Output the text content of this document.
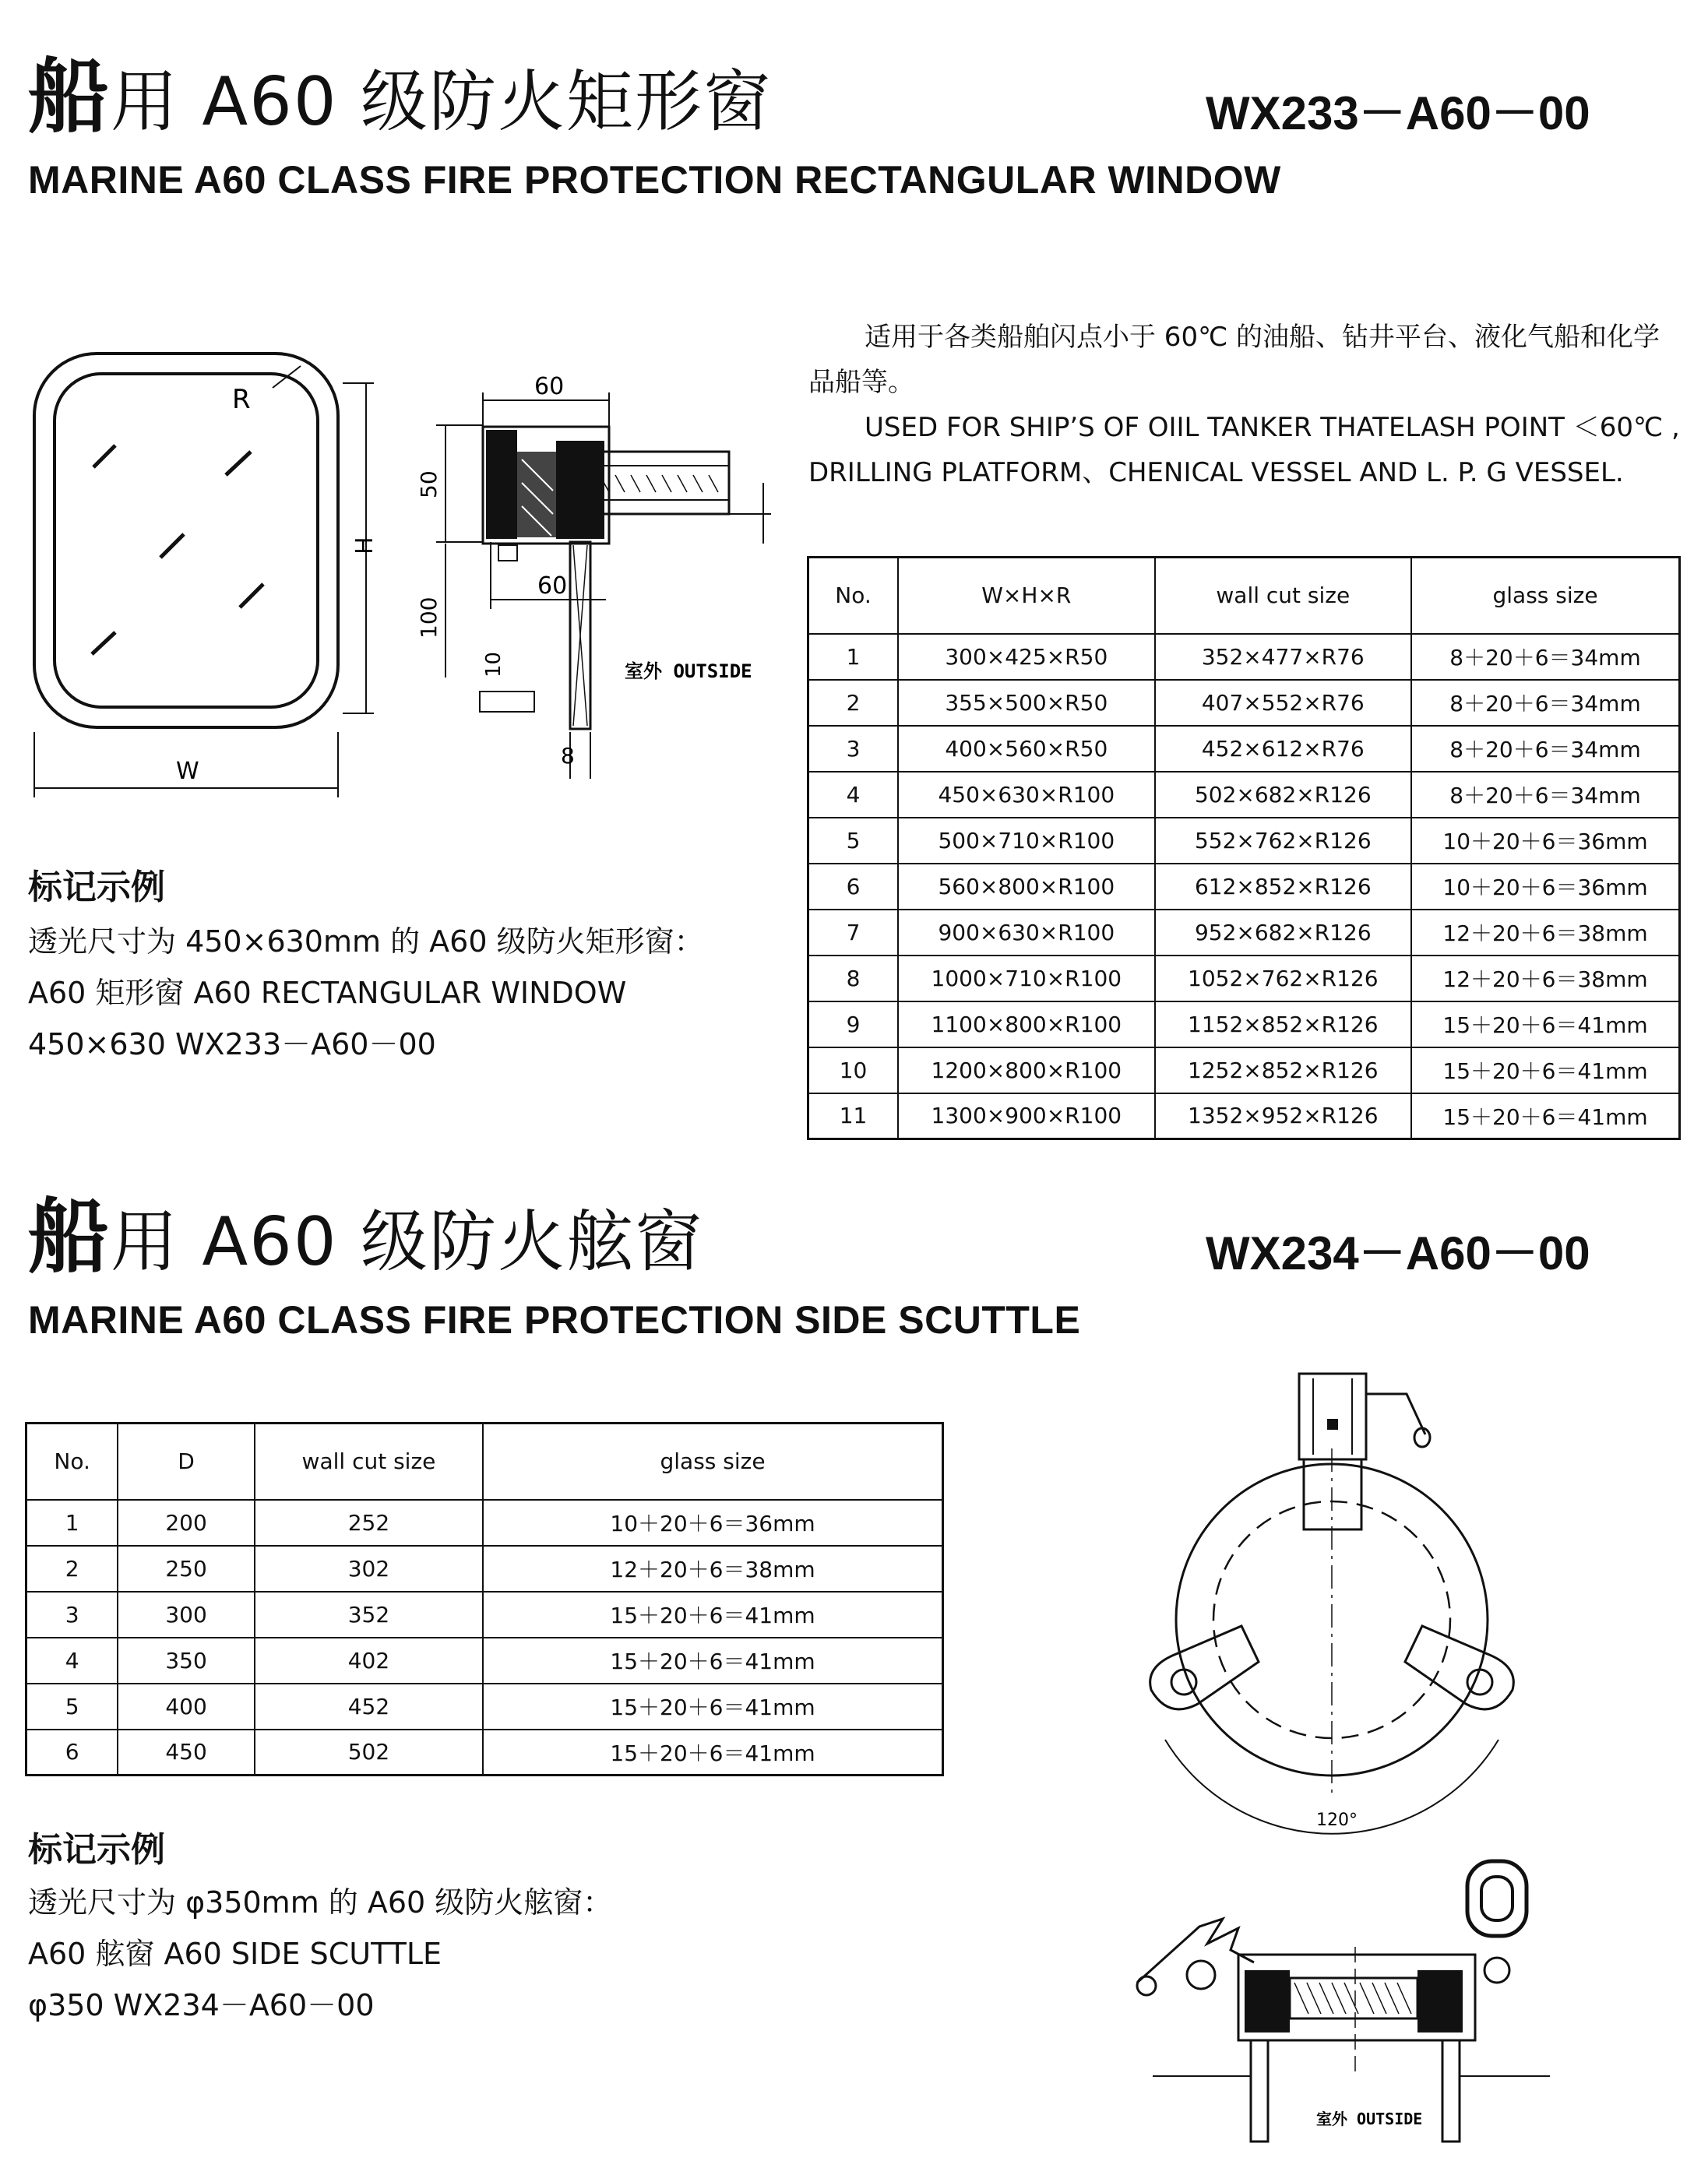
船用 A60 级防火矩形窗	WX233－A60－00
MARINE A60 CLASS FIRE PROTECTION RECTANGULAR WINDOW
R
H
W
60
50
60
100
10
8
室外 OUTSIDE

适用于各类船舶闪点小于 60℃ 的油船、钻井平台、液化气船和化学品船等。

USED FOR SHIP’S OF OIIL TANKER THATELASH POINT ＜60℃ , DRILLING PLATFORM、CHENICAL VESSEL AND L. P. G VESSEL.

No.	W×H×R	wall cut size	glass size
1	300×425×R50	352×477×R76	8＋20＋6＝34mm
2	355×500×R50	407×552×R76	8＋20＋6＝34mm
3	400×560×R50	452×612×R76	8＋20＋6＝34mm
4	450×630×R100	502×682×R126	8＋20＋6＝34mm
5	500×710×R100	552×762×R126	10＋20＋6＝36mm
6	560×800×R100	612×852×R126	10＋20＋6＝36mm
7	900×630×R100	952×682×R126	12＋20＋6＝38mm
8	1000×710×R100	1052×762×R126	12＋20＋6＝38mm
9	1100×800×R100	1152×852×R126	15＋20＋6＝41mm
10	1200×800×R100	1252×852×R126	15＋20＋6＝41mm
11	1300×900×R100	1352×952×R126	15＋20＋6＝41mm
标记示例
透光尺寸为 450×630mm 的 A60 级防火矩形窗：
A60 矩形窗 A60 RECTANGULAR WINDOW
450×630 WX233－A60－00
船用 A60 级防火舷窗	WX234－A60－00
MARINE A60 CLASS FIRE PROTECTION SIDE SCUTTLE
No.	D	wall cut size	glass size
1	200	252	10＋20＋6＝36mm
2	250	302	12＋20＋6＝38mm
3	300	352	15＋20＋6＝41mm
4	350	402	15＋20＋6＝41mm
5	400	452	15＋20＋6＝41mm
6	450	502	15＋20＋6＝41mm
标记示例
透光尺寸为 φ350mm 的 A60 级防火舷窗：
A60 舷窗 A60 SIDE SCUTTLE
φ350 WX234－A60－00
120°
室外 OUTSIDE
